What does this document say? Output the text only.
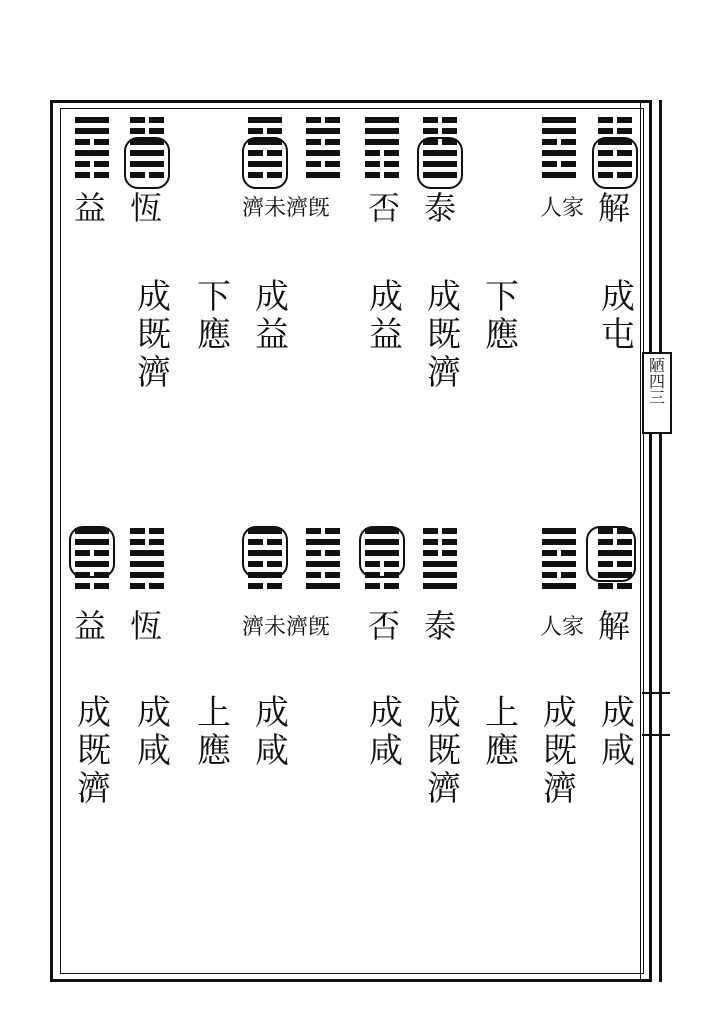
陋
四
三
益 恆	濟未濟旣 否 泰	人家 解
成
既
濟
下
應
成
益
成
益
成
既
濟
下
應
成
屯
益 恆	濟未濟旣 否 泰	人家 解
成
既
濟
成
咸
上
應
成
咸
成
咸
成
既
濟
上
應
成
既
濟
成
咸
